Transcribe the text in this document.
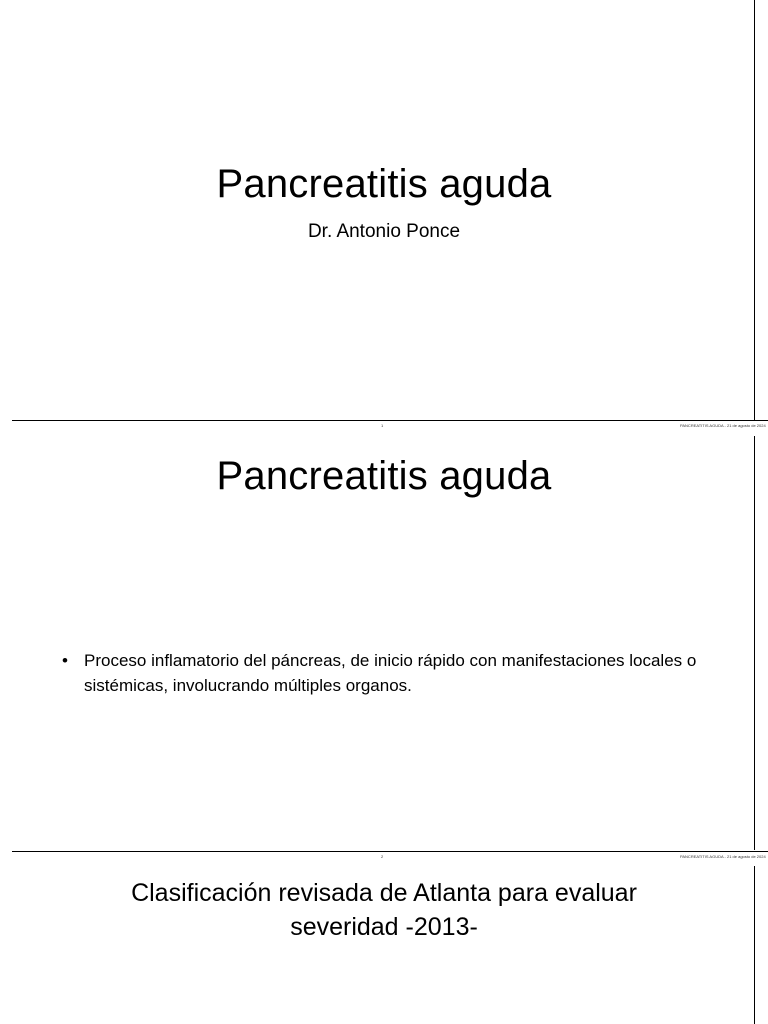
Pancreatitis aguda
Dr. Antonio Ponce
1	PANCREATITIS AGUDA - 21 de agosto de 2024
Pancreatitis aguda
• Proceso inflamatorio del páncreas, de inicio rápido con manifestaciones locales o sistémicas, involucrando múltiples organos.
2	PANCREATITIS AGUDA - 21 de agosto de 2024
Clasificación revisada de Atlanta para evaluar
severidad -2013-
